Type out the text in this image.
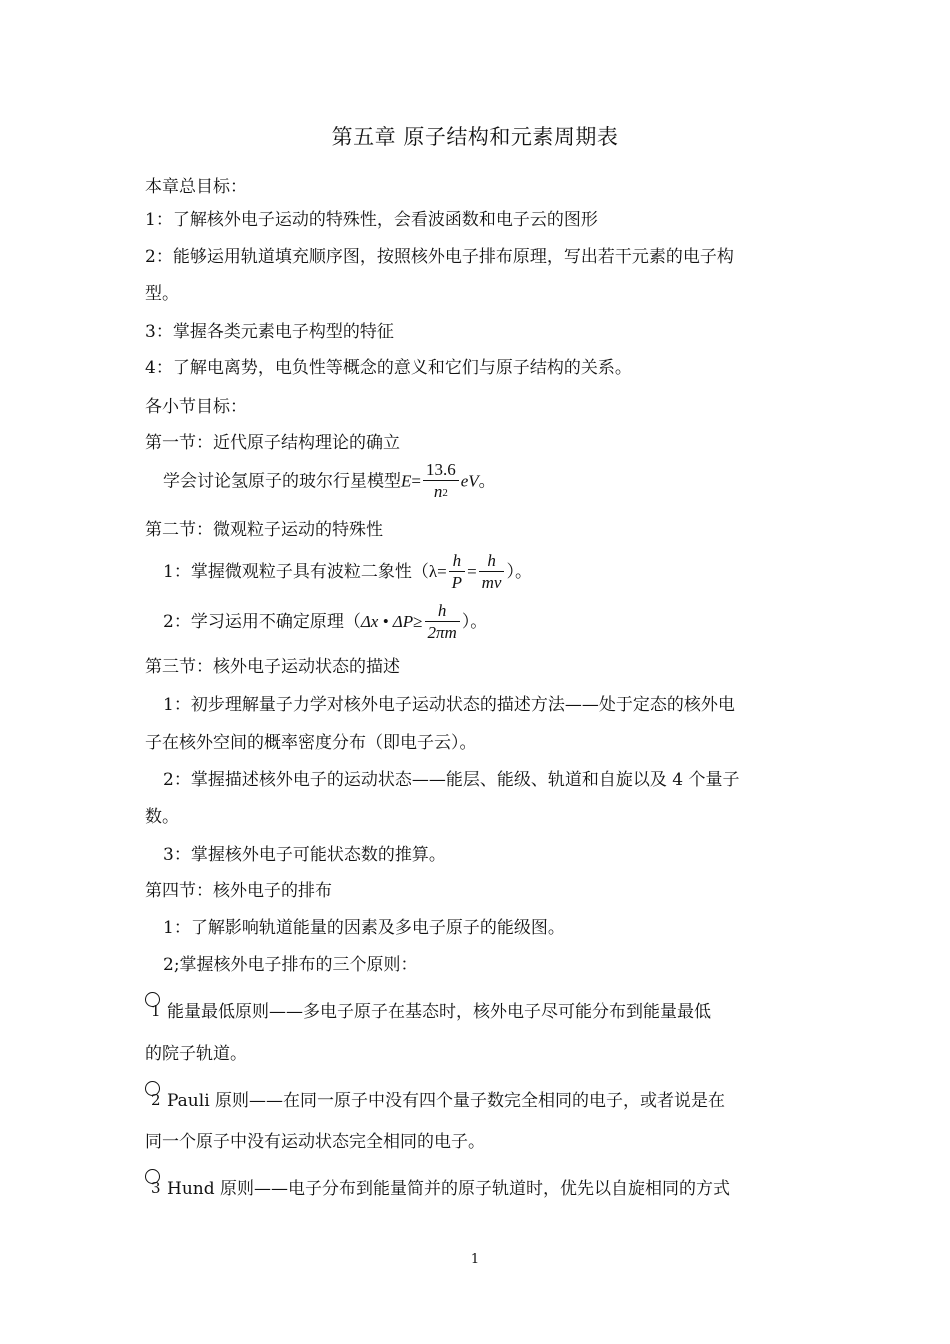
第五章 原子结构和元素周期表
本章总目标：
1：了解核外电子运动的特殊性，会看波函数和电子云的图形
2：能够运用轨道填充顺序图，按照核外电子排布原理，写出若干元素的电子构
型。
3：掌握各类元素电子构型的特征
4：了解电离势，电负性等概念的意义和它们与原子结构的关系。
各小节目标：
第一节：近代原子结构理论的确立
学会讨论氢原子的玻尔行星模型$E= \frac{13.6}{n2}$ eV。
第二节：微观粒子运动的特殊性
1：掌握微观粒子具有波粒二象性（$\lambda= \frac{h}{P} = \frac{h}{mv}$ ）。
2：学习运用不确定原理（Δx • $\Delta P\ge \frac{h}{2\pi m}$ ）。
第三节：核外电子运动状态的描述
1：初步理解量子力学对核外电子运动状态的描述方法——处于定态的核外电
子在核外空间的概率密度分布（即电子云）。
2：掌握描述核外电子的运动状态——能层、能级、轨道和自旋以及 4 个量子
数。
3：掌握核外电子可能状态数的推算。
第四节：核外电子的排布
1：了解影响轨道能量的因素及多电子原子的能级图。
2;掌握核外电子排布的三个原则：
1 能量最低原则——多电子原子在基态时，核外电子尽可能分布到能量最低
的院子轨道。
2 Pauli 原则——在同一原子中没有四个量子数完全相同的电子，或者说是在
同一个原子中没有运动状态完全相同的电子。
3 Hund 原则——电子分布到能量简并的原子轨道时，优先以自旋相同的方式
1
